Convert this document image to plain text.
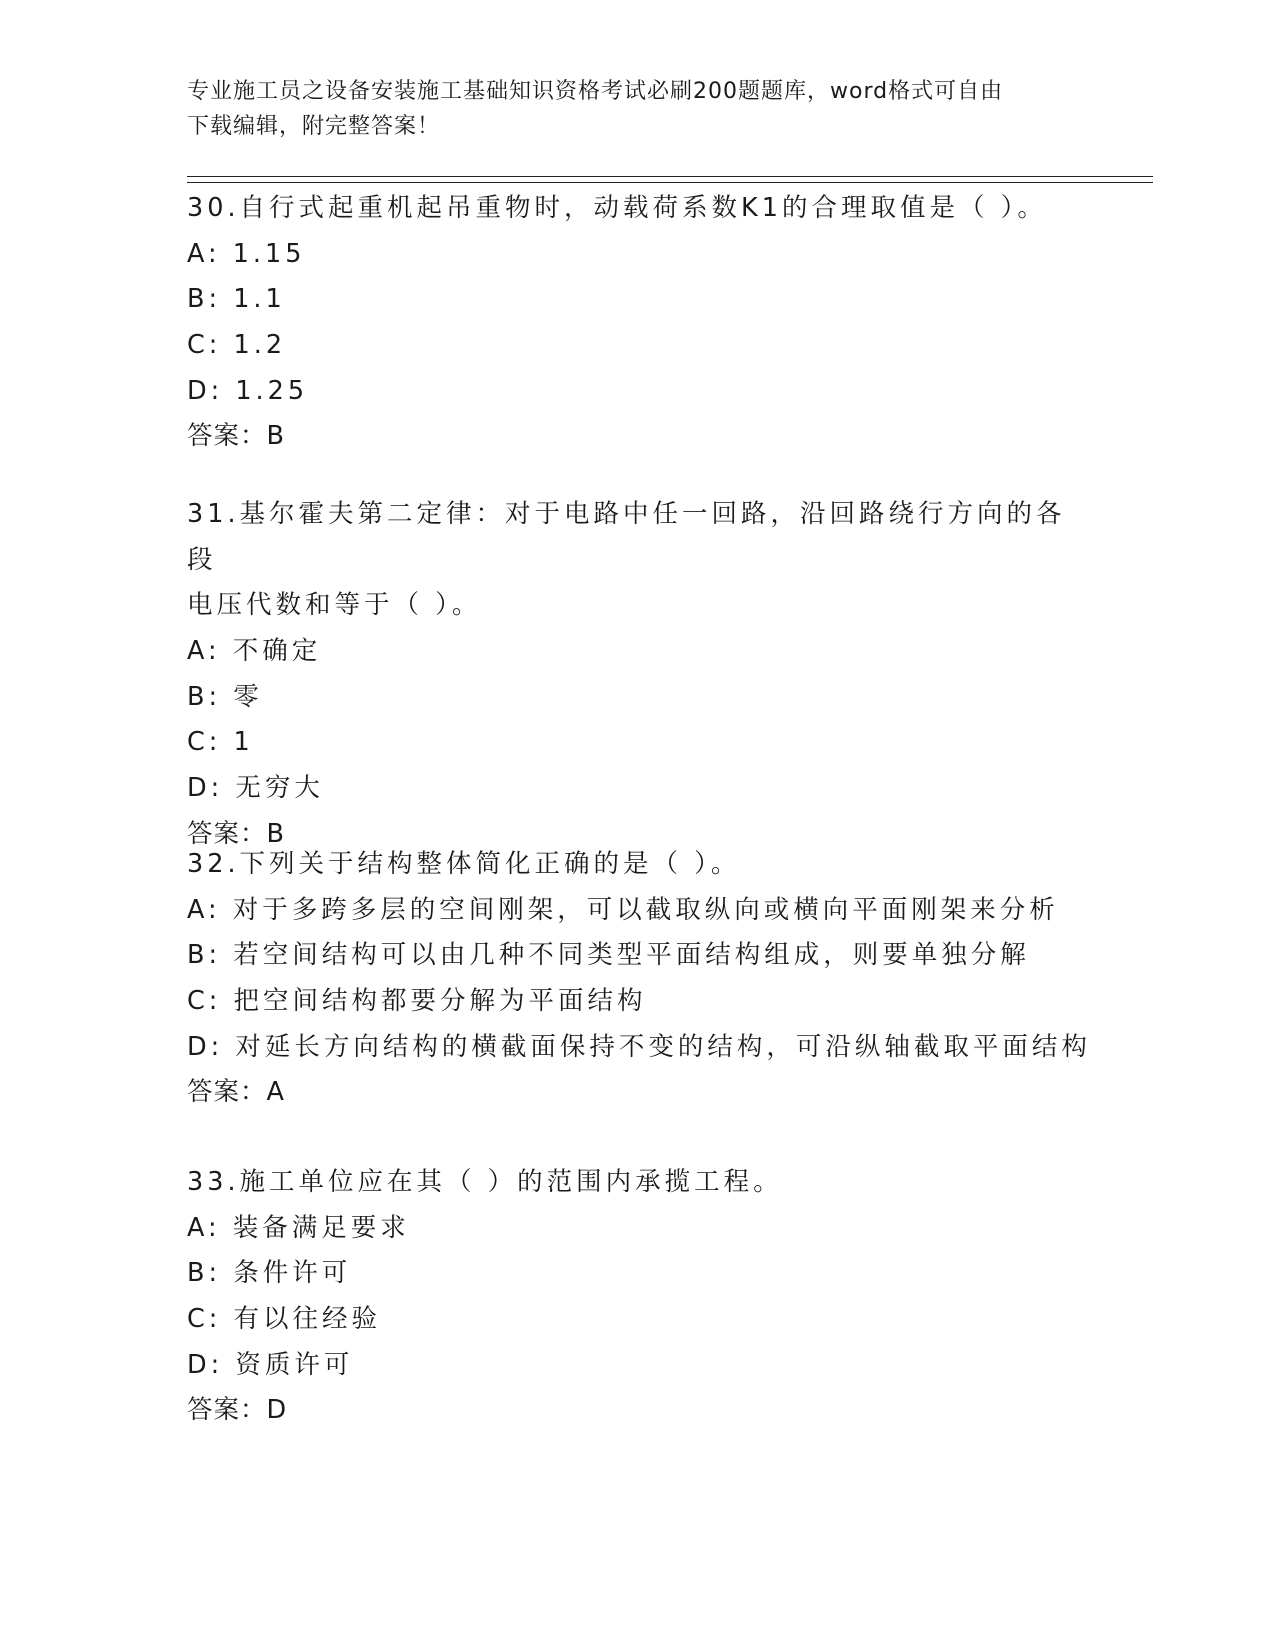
专业施工员之设备安装施工基础知识资格考试必刷200题题库，word格式可自由
下载编辑，附完整答案！
30.自行式起重机起吊重物时，动载荷系数K1的合理取值是（ ）。
A: 1.15
B: 1.1
C: 1.2
D: 1.25
答案：B
31.基尔霍夫第二定律：对于电路中任一回路，沿回路绕行方向的各段
电压代数和等于（ ）。
A: 不确定
B: 零
C: 1
D: 无穷大
答案：B
32.下列关于结构整体简化正确的是（ ）。
A: 对于多跨多层的空间刚架，可以截取纵向或横向平面刚架来分析
B: 若空间结构可以由几种不同类型平面结构组成，则要单独分解
C: 把空间结构都要分解为平面结构
D: 对延长方向结构的横截面保持不变的结构，可沿纵轴截取平面结构
答案：A
33.施工单位应在其（ ）的范围内承揽工程。
A: 装备满足要求
B: 条件许可
C: 有以往经验
D: 资质许可
答案：D
